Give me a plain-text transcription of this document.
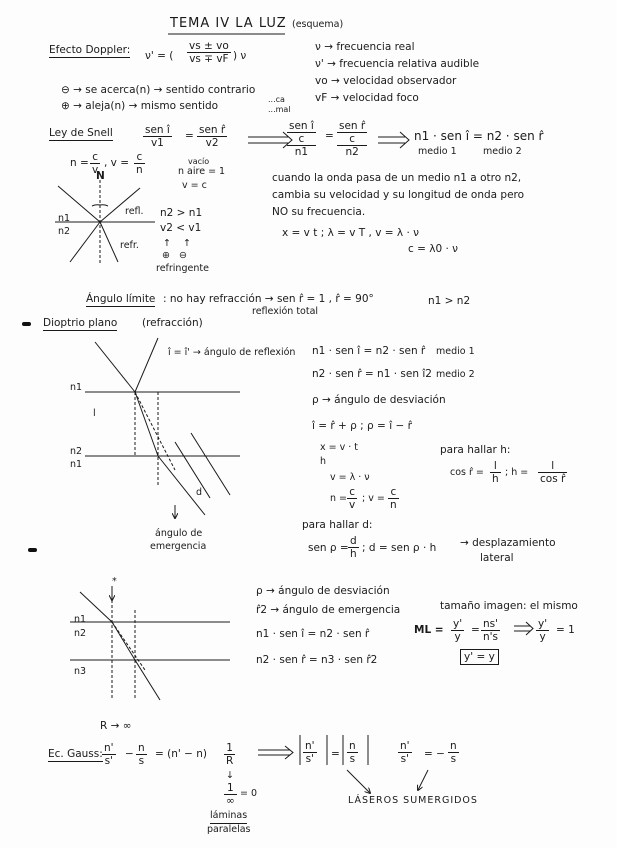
TEMA IV LA LUZ (esquema)
Efecto Doppler: ν' = ( $\frac{vs \pm vo}{vs \mp vF}$ ) ν
ν → frecuencia real
ν' → frecuencia relativa audible
vo → velocidad observador
vF → velocidad foco
⊖ → se acerca(n) → sentido contrario
⊕ → aleja(n) → mismo sentido
...ca
...mal
Ley de Snell	sen î
v1
= sen r̂
v2
sen î
c
n1
=
sen r̂
c
n2
n1 · sen î = n2 · sen r̂
medio 1	medio 2
$n = \frac{c}{v}$ , $v = \frac{c}{n}$	vacío
n aire = 1
v = c
N
n1
n2
refl.
refr.
n2 > n1
v2 < v1
↑    ↑
⊕   ⊖
refringente
cuando la onda pasa de un medio n1 a otro n2,
cambia su velocidad y su longitud de onda pero
NO su frecuencia.
x = v t ; λ = v T , v = λ · ν
c = λ0 · ν
Ángulo límite : no hay refracción → sen r̂ = 1 , r̂ = 90°	n1 > n2
reflexión total
Dioptrio plano (refracción)
î = î' → ángulo de reflexión
n1
n2
n1
l
d
ángulo de
emergencia
n1 · sen î = n2 · sen r̂ medio 1
n2 · sen r̂ = n1 · sen î2 medio 2
ρ → ángulo de desviación
î = r̂ + ρ ; ρ = î − r̂
x = v · t
h
v = λ · ν
$n = \frac{c}{v}$ ; $v = \frac{c}{n}$
para hallar h:
cos r̂ = $\frac{l}{h}$ ; $h = \frac{l}{\text{cos r̂}}$
para hallar d:
sen $\rho = \frac{d}{h}$ ; d = sen ρ · h → desplazamiento
lateral
*
n1
n2
n3
ρ → ángulo de desviación
r̂2 → ángulo de emergencia
n1 · sen î = n2 · sen r̂
n2 · sen r̂ = n3 · sen r̂2
tamaño imagen: el mismo
ML = $\frac{y'}{y} = \frac{ns'}{n's}$	$\frac{y'}{y} = 1$
y' = y
R → ∞
Ec. Gauss: $\frac{n'}{s'} - \frac{n}{s} = (n' - n) \frac{1}{R}$
↓
1
∞
= 0
láminas
paralelas
$\frac{n'}{s'} = \frac{n}{s}$	$\frac{n'}{s'}$ = − $\frac{n}{s}$
LÁSEROS SUMERGIDOS
